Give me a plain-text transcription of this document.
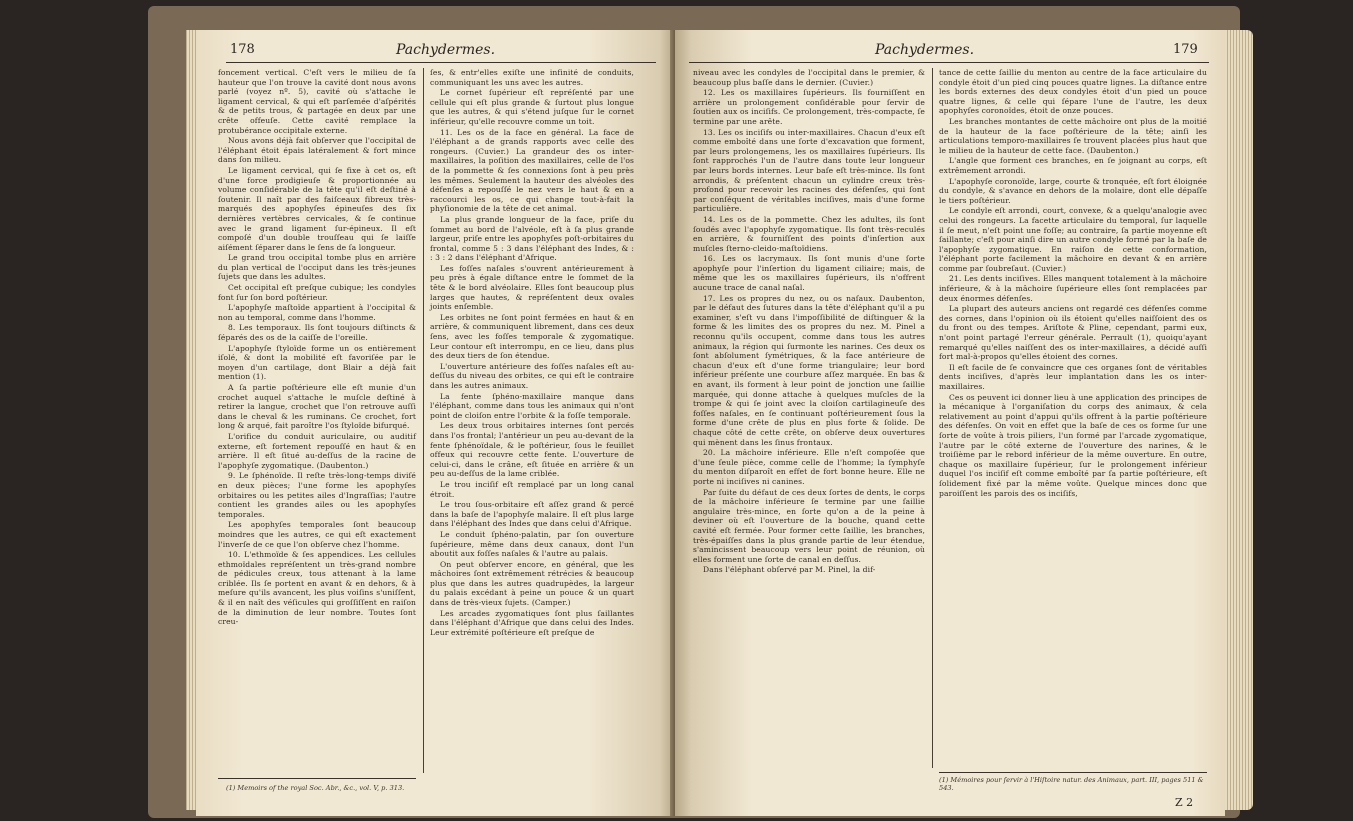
178	Pachydermes.

foncement vertical. C'eſt vers le milieu de ſa hauteur que l'on trouve la cavité dont nous avons parlé (voyez nº. 5), cavité où s'attache le ligament cervical, & qui eſt parſemée d'aſpérités & de petits trous, & partagée en deux par une crête offeuſe. Cette cavité remplace la protubérance occipitale externe.

Nous avons déjà fait obſerver que l'occipital de l'éléphant étoit épais latéralement & fort mince dans ſon milieu.

Le ligament cervical, qui ſe fixe à cet os, eſt d'une force prodigieuſe & proportionnée au volume conſidérable de la tête qu'il eſt deſtiné à ſoutenir. Il naît par des faiſceaux fibreux très-marqués des apophyſes épineuſes des ſix dernières vertèbres cervicales, & ſe continue avec le grand ligament ſur-épineux. Il eſt compoſé d'un double trouſſeau qui ſe laiſſe aiſément ſéparer dans le ſens de ſa longueur.

Le grand trou occipital tombe plus en arrière du plan vertical de l'occiput dans les très-jeunes ſujets que dans les adultes.

Cet occipital eſt preſque cubique; les condyles font ſur ſon bord poſtérieur.

L'apophyſe maſtoïde appartient à l'occipital & non au temporal, comme dans l'homme.

8. Les temporaux. Ils ſont toujours diſtincts & ſéparés des os de la caiſſe de l'oreille.

L'apophyſe ſtyloïde forme un os entièrement iſolé, & dont la mobilité eſt favoriſée par le moyen d'un cartilage, dont Blair a déjà fait mention (1).

A ſa partie poſtérieure elle eſt munie d'un crochet auquel s'attache le muſcle deſtiné à retirer la langue, crochet que l'on retrouve auſſi dans le cheval & les ruminans. Ce crochet, fort long & arqué, fait paroître l'os ſtyloïde bifurqué.

L'orifice du conduit auriculaire, ou auditif externe, eſt fortement repouſſé en haut & en arrière. Il eſt ſitué au-deſſus de la racine de l'apophyſe zygomatique. (Daubenton.)

9. Le ſphénoïde. Il reſte très-long-temps diviſé en deux pièces; l'une forme les apophyſes orbitaires ou les petites ailes d'Ingraſſias; l'autre contient les grandes ailes ou les apophyſes temporales.

Les apophyſes temporales ſont beaucoup moindres que les autres, ce qui eſt exactement l'inverſe de ce que l'on obſerve chez l'homme.

10. L'ethmoïde & ſes appendices. Les cellules ethmoïdales repréſentent un très-grand nombre de pédicules creux, tous attenant à la lame criblée. Ils ſe portent en avant & en dehors, & à meſure qu'ils avancent, les plus voiſins s'uniſſent, & il en naît des véſicules qui groſſiſſent en raiſon de la diminution de leur nombre. Toutes ſont creu-

ſes, & entr'elles exiſte une infinité de conduits, communiquant les uns avec les autres.

Le cornet ſupérieur eſt repréſenté par une cellule qui eſt plus grande & ſurtout plus longue que les autres, & qui s'étend juſque ſur le cornet inférieur, qu'elle recouvre comme un toit.

11. Les os de la face en général. La face de l'éléphant a de grands rapports avec celle des rongeurs. (Cuvier.) La grandeur des os inter-maxillaires, la poſition des maxillaires, celle de l'os de la pommette & ſes connexions ſont à peu près les mêmes. Seulement la hauteur des alvéoles des défenſes a repouſſé le nez vers le haut & en a raccourci les os, ce qui change tout-à-fait la phyſionomie de la tête de cet animal.

La plus grande longueur de la face, priſe du ſommet au bord de l'alvéole, eſt à ſa plus grande largeur, priſe entre les apophyſes poſt-orbitaires du frontal, comme 5 : 3 dans l'éléphant des Indes, & : : 3 : 2 dans l'éléphant d'Afrique.

Les foſſes naſales s'ouvrent antérieurement à peu près à égale diſtance entre le ſommet de la tête & le bord alvéolaire. Elles ſont beaucoup plus larges que hautes, & repréſentent deux ovales joints enſemble.

Les orbites ne ſont point fermées en haut & en arrière, & communiquent librement, dans ces deux ſens, avec les foſſes temporale & zygomatique. Leur contour eſt interrompu, en ce lieu, dans plus des deux tiers de ſon étendue.

L'ouverture antérieure des foſſes naſales eſt au-deſſus du niveau des orbites, ce qui eſt le contraire dans les autres animaux.

La fente ſphéno-maxillaire manque dans l'éléphant, comme dans tous les animaux qui n'ont point de cloiſon entre l'orbite & la foſſe temporale.

Les deux trous orbitaires internes ſont percés dans l'os frontal; l'antérieur un peu au-devant de la fente ſphénoïdale, & le poſtérieur, ſous le feuillet offeux qui recouvre cette fente. L'ouverture de celui-ci, dans le crâne, eſt ſituée en arrière & un peu au-deſſus de la lame criblée.

Le trou inciſif eſt remplacé par un long canal étroit.

Le trou ſous-orbitaire eſt aſſez grand & percé dans la baſe de l'apophyſe malaire. Il eſt plus large dans l'éléphant des Indes que dans celui d'Afrique.

Le conduit ſphéno-palatin, par ſon ouverture ſupérieure, même dans deux canaux, dont l'un aboutit aux foſſes naſales & l'autre au palais.

On peut obſerver encore, en général, que les mâchoires ſont extrêmement rétrécies & beaucoup plus que dans les autres quadrupèdes, la largeur du palais excédant à peine un pouce & un quart dans de très-vieux ſujets. (Camper.)

Les arcades zygomatiques ſont plus ſaillantes dans l'éléphant d'Afrique que dans celui des Indes. Leur extrémité poſtérieure eſt preſque de

(1) Memoirs of the royal Soc. Abr., &c., vol. V, p. 313.
Pachydermes.	179

niveau avec les condyles de l'occipital dans le premier, & beaucoup plus baſſe dans le dernier. (Cuvier.)

12. Les os maxillaires ſupérieurs. Ils fourniſſent en arrière un prolongement conſidérable pour ſervir de ſoutien aux os inciſifs. Ce prolongement, très-compacte, ſe termine par une arête.

13. Les os inciſifs ou inter-maxillaires. Chacun d'eux eſt comme emboîté dans une ſorte d'excavation que forment, par leurs prolongemens, les os maxillaires ſupérieurs. Ils ſont rapprochés l'un de l'autre dans toute leur longueur par leurs bords internes. Leur baſe eſt très-mince. Ils ſont arrondis, & préſentent chacun un cylindre creux très-profond pour recevoir les racines des défenſes, qui ſont par conſéquent de véritables inciſives, mais d'une forme particulière.

14. Les os de la pommette. Chez les adultes, ils ſont ſoudés avec l'apophyſe zygomatique. Ils ſont très-reculés en arrière, & fourniſſent des points d'inſertion aux muſcles ſterno-cleido-maſtoïdiens.

16. Les os lacrymaux. Ils ſont munis d'une ſorte apophyſe pour l'inſertion du ligament ciliaire; mais, de même que les os maxillaires ſupérieurs, ils n'offrent aucune trace de canal naſal.

17. Les os propres du nez, ou os naſaux. Daubenton, par le défaut des ſutures dans la tête d'éléphant qu'il a pu examiner, s'eſt vu dans l'impoſſibilité de diſtinguer & la forme & les limites des os propres du nez. M. Pinel a reconnu qu'ils occupent, comme dans tous les autres animaux, la région qui ſurmonte les narines. Ces deux os ſont abſolument ſymétriques, & la face antérieure de chacun d'eux eſt d'une forme triangulaire; leur bord inférieur préſente une courbure aſſez marquée. En bas & en avant, ils forment à leur point de jonction une ſaillie marquée, qui donne attache à quelques muſcles de la trompe & qui ſe joint avec la cloiſon cartilagineuſe des foſſes naſales, en ſe continuant poſtérieurement ſous la forme d'une crête de plus en plus forte & ſolide. De chaque côté de cette crête, on obſerve deux ouvertures qui mènent dans les ſinus frontaux.

20. La mâchoire inférieure. Elle n'eſt compoſée que d'une ſeule pièce, comme celle de l'homme; la ſymphyſe du menton diſparoît en effet de fort bonne heure. Elle ne porte ni inciſives ni canines.

Par ſuite du défaut de ces deux ſortes de dents, le corps de la mâchoire inférieure ſe termine par une ſaillie angulaire très-mince, en ſorte qu'on a de la peine à deviner où eſt l'ouverture de la bouche, quand cette cavité eſt fermée. Pour former cette ſaillie, les branches, très-épaiſſes dans la plus grande partie de leur étendue, s'amincissent beaucoup vers leur point de réunion, où elles forment une ſorte de canal en deſſus.

Dans l'éléphant obſervé par M. Pinel, la dif-

tance de cette ſaillie du menton au centre de la face articulaire du condyle étoit d'un pied cinq pouces quatre lignes. La diſtance entre les bords externes des deux condyles étoit d'un pied un pouce quatre lignes, & celle qui ſépare l'une de l'autre, les deux apophyſes coronoïdes, étoit de onze pouces.

Les branches montantes de cette mâchoire ont plus de la moitié de la hauteur de la face poſtérieure de la tête; ainſi les articulations temporo-maxillaires ſe trouvent placées plus haut que le milieu de la hauteur de cette face. (Daubenton.)

L'angle que forment ces branches, en ſe joignant au corps, eſt extrêmement arrondi.

L'apophyſe coronoïde, large, courte & tronquée, eſt fort éloignée du condyle, & s'avance en dehors de la molaire, dont elle dépaſſe le tiers poſtérieur.

Le condyle eſt arrondi, court, convexe, & a quelqu'analogie avec celui des rongeurs. La facette articulaire du temporal, ſur laquelle il ſe meut, n'eſt point une foſſe; au contraire, ſa partie moyenne eſt ſaillante; c'eſt pour ainſi dire un autre condyle formé par la baſe de l'apophyſe zygomatique. En raiſon de cette conformation, l'éléphant porte facilement la mâchoire en devant & en arrière comme par ſoubreſaut. (Cuvier.)

21. Les dents inciſives. Elles manquent totalement à la mâchoire inférieure, & à la mâchoire ſupérieure elles ſont remplacées par deux énormes défenſes.

La plupart des auteurs anciens ont regardé ces défenſes comme des cornes, dans l'opinion où ils étoient qu'elles naiſſoient des os du front ou des tempes. Ariſtote & Pline, cependant, parmi eux, n'ont point partagé l'erreur générale. Perrault (1), quoiqu'ayant remarqué qu'elles naiſſent des os inter-maxillaires, a décidé auſſi fort mal-à-propos qu'elles étoient des cornes.

Il eſt facile de ſe convaincre que ces organes ſont de véritables dents inciſives, d'après leur implantation dans les os inter-maxillaires.

Ces os peuvent ici donner lieu à une application des principes de la mécanique à l'organiſation du corps des animaux, & cela relativement au point d'appui qu'ils offrent à la partie poſtérieure des défenſes. On voit en effet que la baſe de ces os forme ſur une ſorte de voûte à trois piliers, l'un formé par l'arcade zygomatique, l'autre par le côté externe de l'ouverture des narines, & le troiſième par le rebord inférieur de la même ouverture. En outre, chaque os maxillaire ſupérieur, ſur le prolongement inférieur duquel l'os inciſif eſt comme emboîté par ſa partie poſtérieure, eſt ſolidement fixé par la même voûte. Quelque minces donc que paroiſſent les parois des os inciſifs,

(1) Mémoires pour ſervir à l'Hiſtoire natur. des Animaux, part. III, pages 511 & 543.
Z 2
